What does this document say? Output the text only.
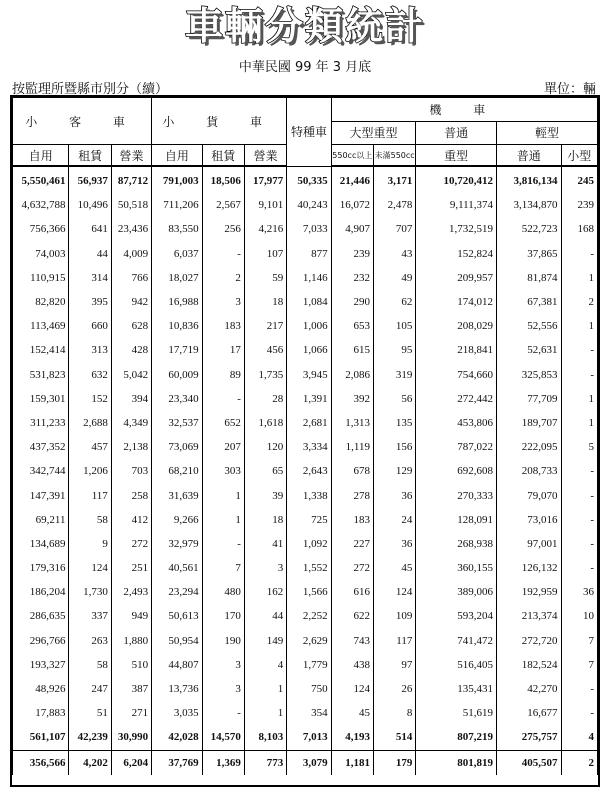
車輛分類統計
中華民國 99 年 3 月底
按監理所暨縣市別分（續）	單位：輛
小 客 車			小 貨 車			特種車	機 車				
							大型重型		普通	輕型	
自用	租賃	營業	自用	租賃	營業		550cc以上	未滿550cc	重型	普通	小型
5,550,461	56,937	87,712	791,003	18,506	17,977	50,335	21,446	3,171	10,720,412	3,816,134	245
4,632,788	10,496	50,518	711,206	2,567	9,101	40,243	16,072	2,478	9,111,374	3,134,870	239
756,366	641	23,436	83,550	256	4,216	7,033	4,907	707	1,732,519	522,723	168
74,003	44	4,009	6,037	-	107	877	239	43	152,824	37,865	-
110,915	314	766	18,027	2	59	1,146	232	49	209,957	81,874	1
82,820	395	942	16,988	3	18	1,084	290	62	174,012	67,381	2
113,469	660	628	10,836	183	217	1,006	653	105	208,029	52,556	1
152,414	313	428	17,719	17	456	1,066	615	95	218,841	52,631	-
531,823	632	5,042	60,009	89	1,735	3,945	2,086	319	754,660	325,853	-
159,301	152	394	23,340	-	28	1,391	392	56	272,442	77,709	1
311,233	2,688	4,349	32,537	652	1,618	2,681	1,313	135	453,806	189,707	1
437,352	457	2,138	73,069	207	120	3,334	1,119	156	787,022	222,095	5
342,744	1,206	703	68,210	303	65	2,643	678	129	692,608	208,733	-
147,391	117	258	31,639	1	39	1,338	278	36	270,333	79,070	-
69,211	58	412	9,266	1	18	725	183	24	128,091	73,016	-
134,689	9	272	32,979	-	41	1,092	227	36	268,938	97,001	-
179,316	124	251	40,561	7	3	1,552	272	45	360,155	126,132	-
186,204	1,730	2,493	23,294	480	162	1,566	616	124	389,006	192,959	36
286,635	337	949	50,613	170	44	2,252	622	109	593,204	213,374	10
296,766	263	1,880	50,954	190	149	2,629	743	117	741,472	272,720	7
193,327	58	510	44,807	3	4	1,779	438	97	516,405	182,524	7
48,926	247	387	13,736	3	1	750	124	26	135,431	42,270	-
17,883	51	271	3,035	-	1	354	45	8	51,619	16,677	-
561,107	42,239	30,990	42,028	14,570	8,103	7,013	4,193	514	807,219	275,757	4
356,566	4,202	6,204	37,769	1,369	773	3,079	1,181	179	801,819	405,507	2
